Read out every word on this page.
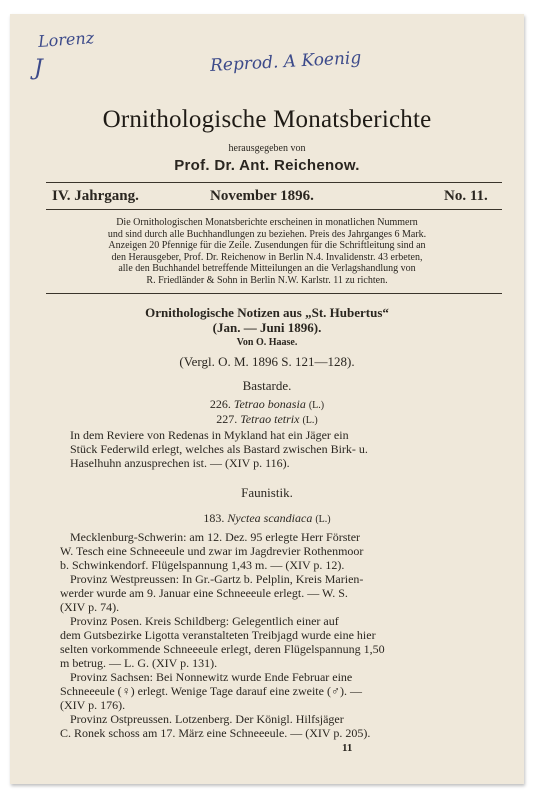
Lorenz
J	Reprod. A Koenig
Ornithologische Monatsberichte
herausgegeben von
Prof. Dr. Ant. Reichenow.
IV. Jahrgang.	November 1896.	No. 11.
Die Ornithologischen Monatsberichte erscheinen in monatlichen Nummern
und sind durch alle Buchhandlungen zu beziehen. Preis des Jahrganges 6 Mark.
Anzeigen 20 Pfennige für die Zeile. Zusendungen für die Schriftleitung sind an
den Herausgeber, Prof. Dr. Reichenow in Berlin N.4. Invalidenstr. 43 erbeten,
alle den Buchhandel betreffende Mitteilungen an die Verlagshandlung von
R. Friedländer & Sohn in Berlin N.W. Karlstr. 11 zu richten.
Ornithologische Notizen aus „St. Hubertus“
(Jan. — Juni 1896).
Von O. Haase.
(Vergl. O. M. 1896 S. 121—128).
Bastarde.
226. Tetrao bonasia (L.)
227. Tetrao tetrix (L.)
In dem Reviere von Redenas in Mykland hat ein Jäger ein
Stück Federwild erlegt, welches als Bastard zwischen Birk- u.
Haselhuhn anzusprechen ist. — (XIV p. 116).
Faunistik.
183. Nyctea scandiaca (L.)
Mecklenburg-Schwerin: am 12. Dez. 95 erlegte Herr Förster
W. Tesch eine Schneeeule und zwar im Jagdrevier Rothenmoor
b. Schwinkendorf. Flügelspannung 1,43 m. — (XIV p. 12).
Provinz Westpreussen: In Gr.-Gartz b. Pelplin, Kreis Marien-
werder wurde am 9. Januar eine Schneeeule erlegt. — W. S.
(XIV p. 74).
Provinz Posen. Kreis Schildberg: Gelegentlich einer auf
dem Gutsbezirke Ligotta veranstalteten Treibjagd wurde eine hier
selten vorkommende Schneeeule erlegt, deren Flügelspannung 1,50
m betrug. — L. G. (XIV p. 131).
Provinz Sachsen: Bei Nonnewitz wurde Ende Februar eine
Schneeeule (♀) erlegt. Wenige Tage darauf eine zweite (♂). —
(XIV p. 176).
Provinz Ostpreussen. Lotzenberg. Der Königl. Hilfsjäger
C. Ronek schoss am 17. März eine Schneeeule. — (XIV p. 205).
11
